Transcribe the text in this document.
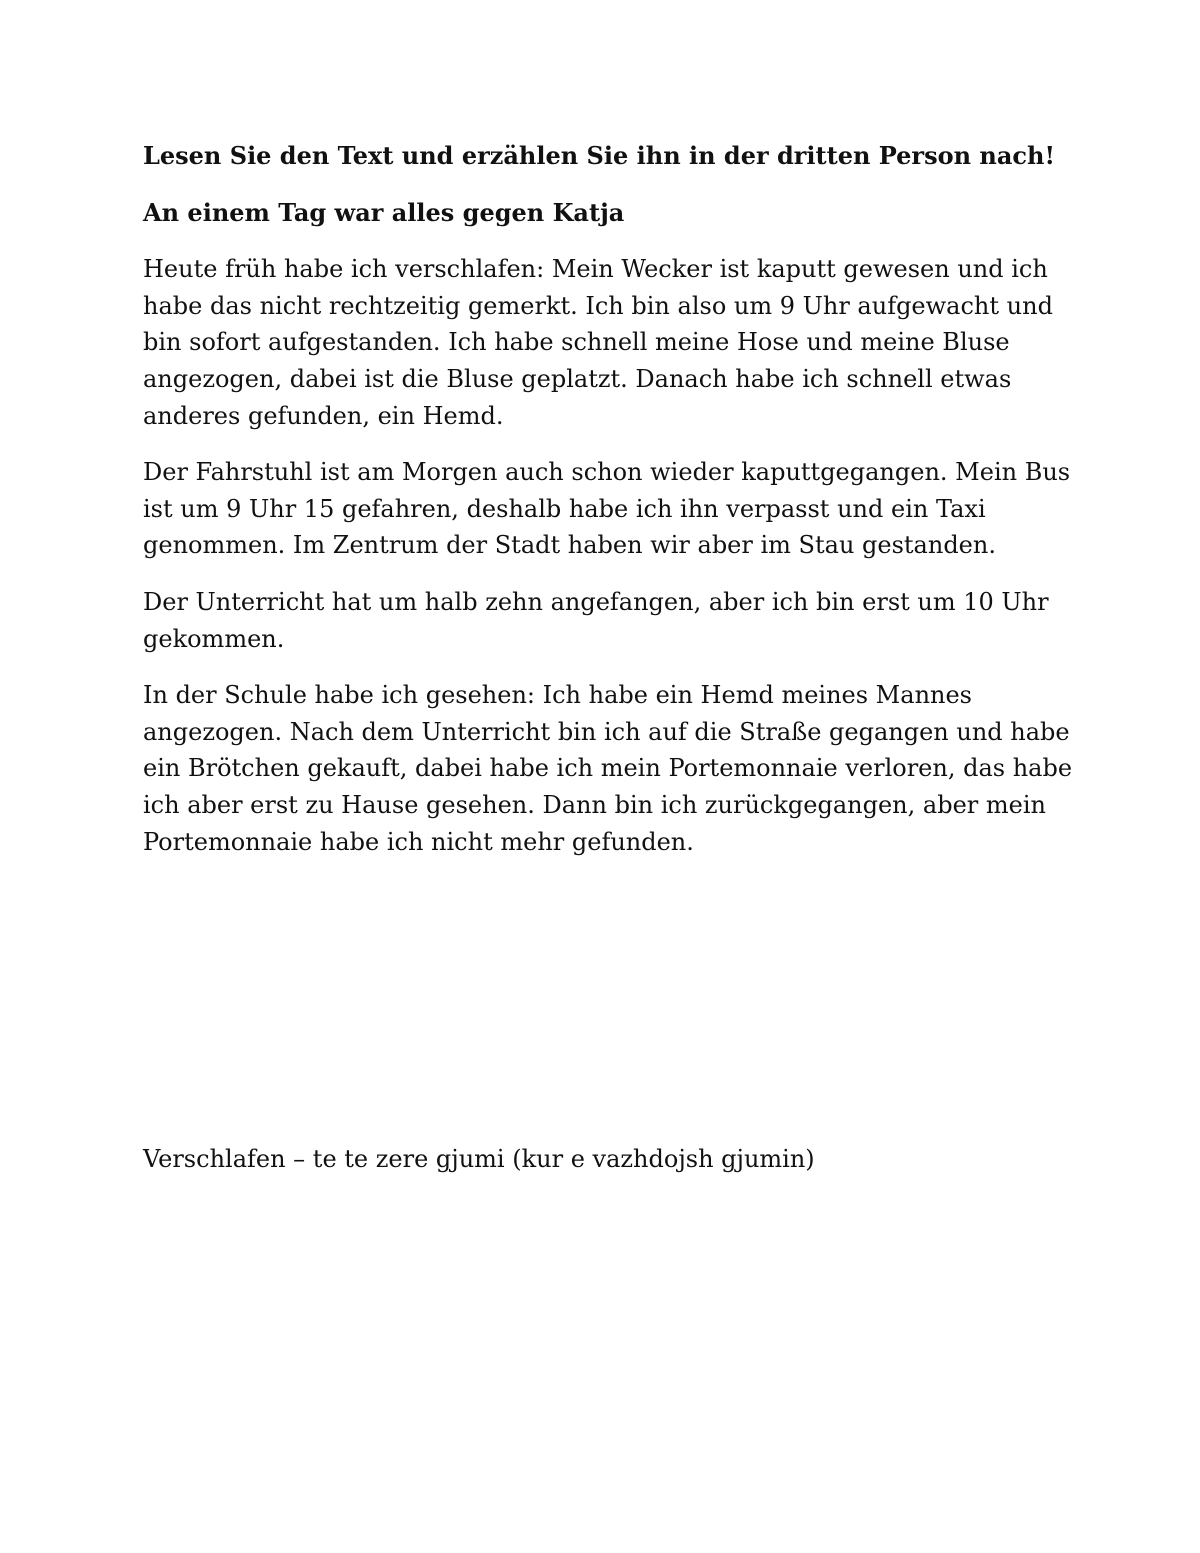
Lesen Sie den Text und erzählen Sie ihn in der dritten Person nach!

An einem Tag war alles gegen Katja

Heute früh habe ich verschlafen: Mein Wecker ist kaputt gewesen und ich habe das nicht rechtzeitig gemerkt. Ich bin also um 9 Uhr aufgewacht und bin sofort aufgestanden. Ich habe schnell meine Hose und meine Bluse angezogen, dabei ist die Bluse geplatzt. Danach habe ich schnell etwas anderes gefunden, ein Hemd.

Der Fahrstuhl ist am Morgen auch schon wieder kaputtgegangen. Mein Bus ist um 9 Uhr 15 gefahren, deshalb habe ich ihn verpasst und ein Taxi genommen. Im Zentrum der Stadt haben wir aber im Stau gestanden.

Der Unterricht hat um halb zehn angefangen, aber ich bin erst um 10 Uhr gekommen.

In der Schule habe ich gesehen: Ich habe ein Hemd meines Mannes angezogen. Nach dem Unterricht bin ich auf die Straße gegangen und habe ein Brötchen gekauft, dabei habe ich mein Portemonnaie verloren, das habe ich aber erst zu Hause gesehen. Dann bin ich zurückgegangen, aber mein Portemonnaie habe ich nicht mehr gefunden.

Verschlafen – te te zere gjumi (kur e vazhdojsh gjumin)
